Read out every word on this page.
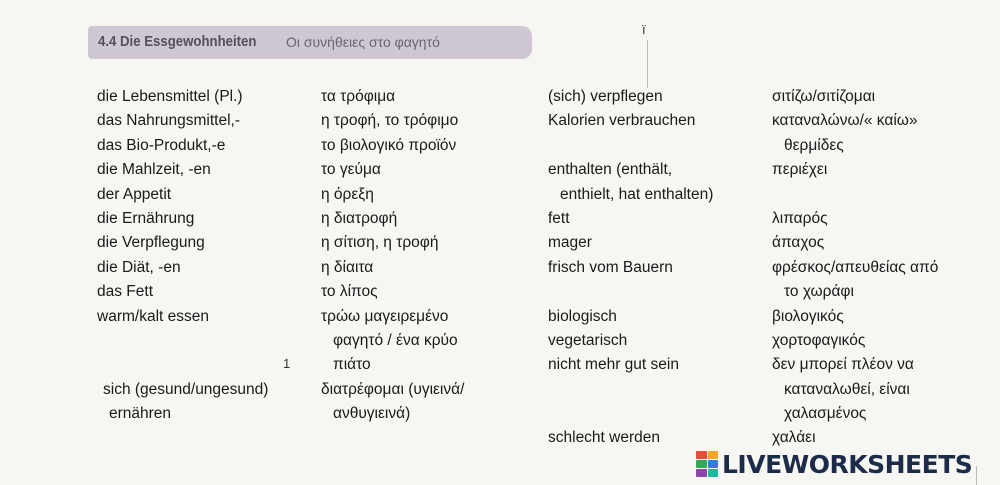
4.4 Die Essgewohnheiten Οι συνήθειες στο φαγητό
ï
1
die Lebensmittel (Pl.)
das Nahrungsmittel,-
das Bio-Produkt,-e
die Mahlzeit, -en
der Appetit
die Ernährung
die Verpflegung
die Diät, -en
das Fett
warm/kalt essen
sich (gesund/ungesund)
ernähren
τα τρόφιμα
η τροφή, το τρόφιμο
το βιολογικό προϊόν
το γεύμα
η όρεξη
η διατροφή
η σίτιση, η τροφή
η δίαιτα
το λίπος
τρώω μαγειρεμένο
φαγητό / ένα κρύο
πιάτο
διατρέφομαι (υγιεινά/
ανθυγιεινά)
(sich) verpflegen
Kalorien verbrauchen
enthalten (enthält,
enthielt, hat enthalten)
fett
mager
frisch vom Bauern
biologisch
vegetarisch
nicht mehr gut sein
schlecht werden
σιτίζω/σιτίζομαι
καταναλώνω/« καίω»
θερμίδες
περιέχει
λιπαρός
άπαχος
φρέσκος/απευθείας από
το χωράφι
βιολογικός
χορτοφαγικός
δεν μπορεί πλέον να
καταναλωθεί, είναι
χαλασμένος
χαλάει
LIVEWORKSHEETS
